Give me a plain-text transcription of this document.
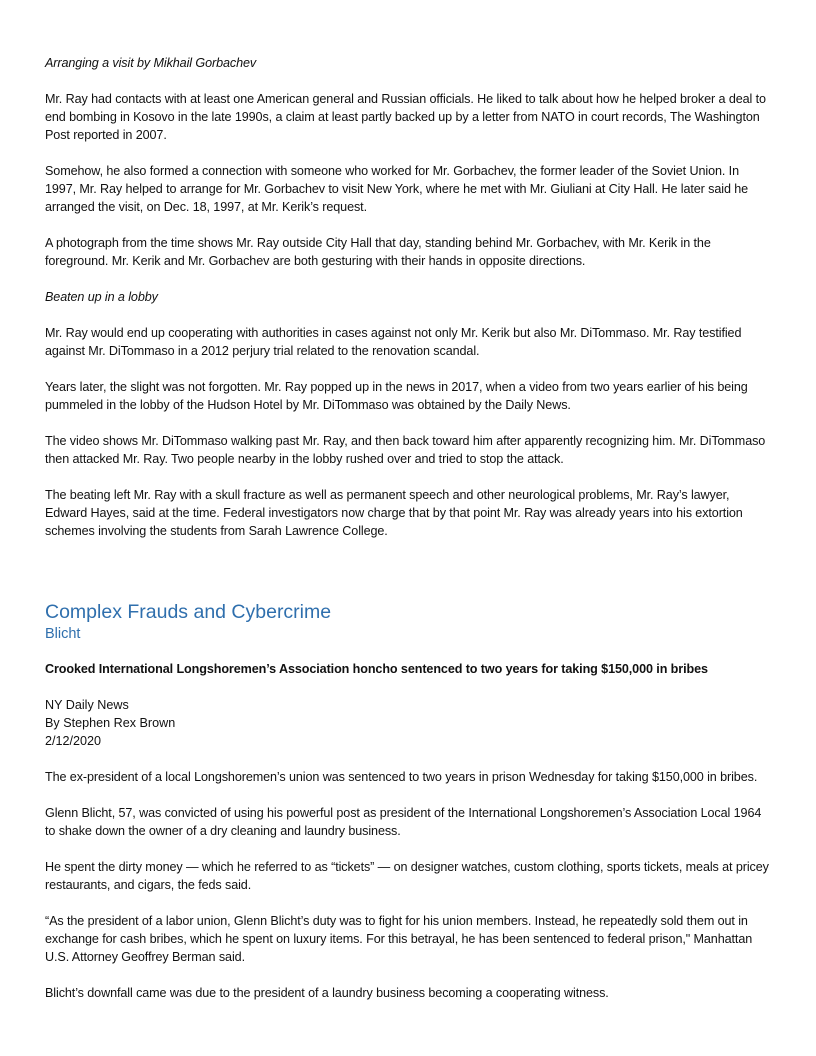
Arranging a visit by Mikhail Gorbachev

Mr. Ray had contacts with at least one American general and Russian officials. He liked to talk about how he helped broker a deal to end bombing in Kosovo in the late 1990s, a claim at least partly backed up by a letter from NATO in court records, The Washington Post reported in 2007.

Somehow, he also formed a connection with someone who worked for Mr. Gorbachev, the former leader of the Soviet Union. In 1997, Mr. Ray helped to arrange for Mr. Gorbachev to visit New York, where he met with Mr. Giuliani at City Hall. He later said he arranged the visit, on Dec. 18, 1997, at Mr. Kerik’s request.

A photograph from the time shows Mr. Ray outside City Hall that day, standing behind Mr. Gorbachev, with Mr. Kerik in the foreground. Mr. Kerik and Mr. Gorbachev are both gesturing with their hands in opposite directions.

Beaten up in a lobby

Mr. Ray would end up cooperating with authorities in cases against not only Mr. Kerik but also Mr. DiTommaso. Mr. Ray testified against Mr. DiTommaso in a 2012 perjury trial related to the renovation scandal.

Years later, the slight was not forgotten. Mr. Ray popped up in the news in 2017, when a video from two years earlier of his being pummeled in the lobby of the Hudson Hotel by Mr. DiTommaso was obtained by the Daily News.

The video shows Mr. DiTommaso walking past Mr. Ray, and then back toward him after apparently recognizing him. Mr. DiTommaso then attacked Mr. Ray. Two people nearby in the lobby rushed over and tried to stop the attack.

The beating left Mr. Ray with a skull fracture as well as permanent speech and other neurological problems, Mr. Ray’s lawyer, Edward Hayes, said at the time. Federal investigators now charge that by that point Mr. Ray was already years into his extortion schemes involving the students from Sarah Lawrence College.

Complex Frauds and Cybercrime
Blicht

Crooked International Longshoremen’s Association honcho sentenced to two years for taking $150,000 in bribes

NY Daily News
By Stephen Rex Brown
2/12/2020

The ex-president of a local Longshoremen’s union was sentenced to two years in prison Wednesday for taking $150,000 in bribes.

Glenn Blicht, 57, was convicted of using his powerful post as president of the International Longshoremen’s Association Local 1964 to shake down the owner of a dry cleaning and laundry business.

He spent the dirty money — which he referred to as “tickets” — on designer watches, custom clothing, sports tickets, meals at pricey restaurants, and cigars, the feds said.

“As the president of a labor union, Glenn Blicht’s duty was to fight for his union members. Instead, he repeatedly sold them out in exchange for cash bribes, which he spent on luxury items. For this betrayal, he has been sentenced to federal prison," Manhattan U.S. Attorney Geoffrey Berman said.

Blicht’s downfall came was due to the president of a laundry business becoming a cooperating witness.
